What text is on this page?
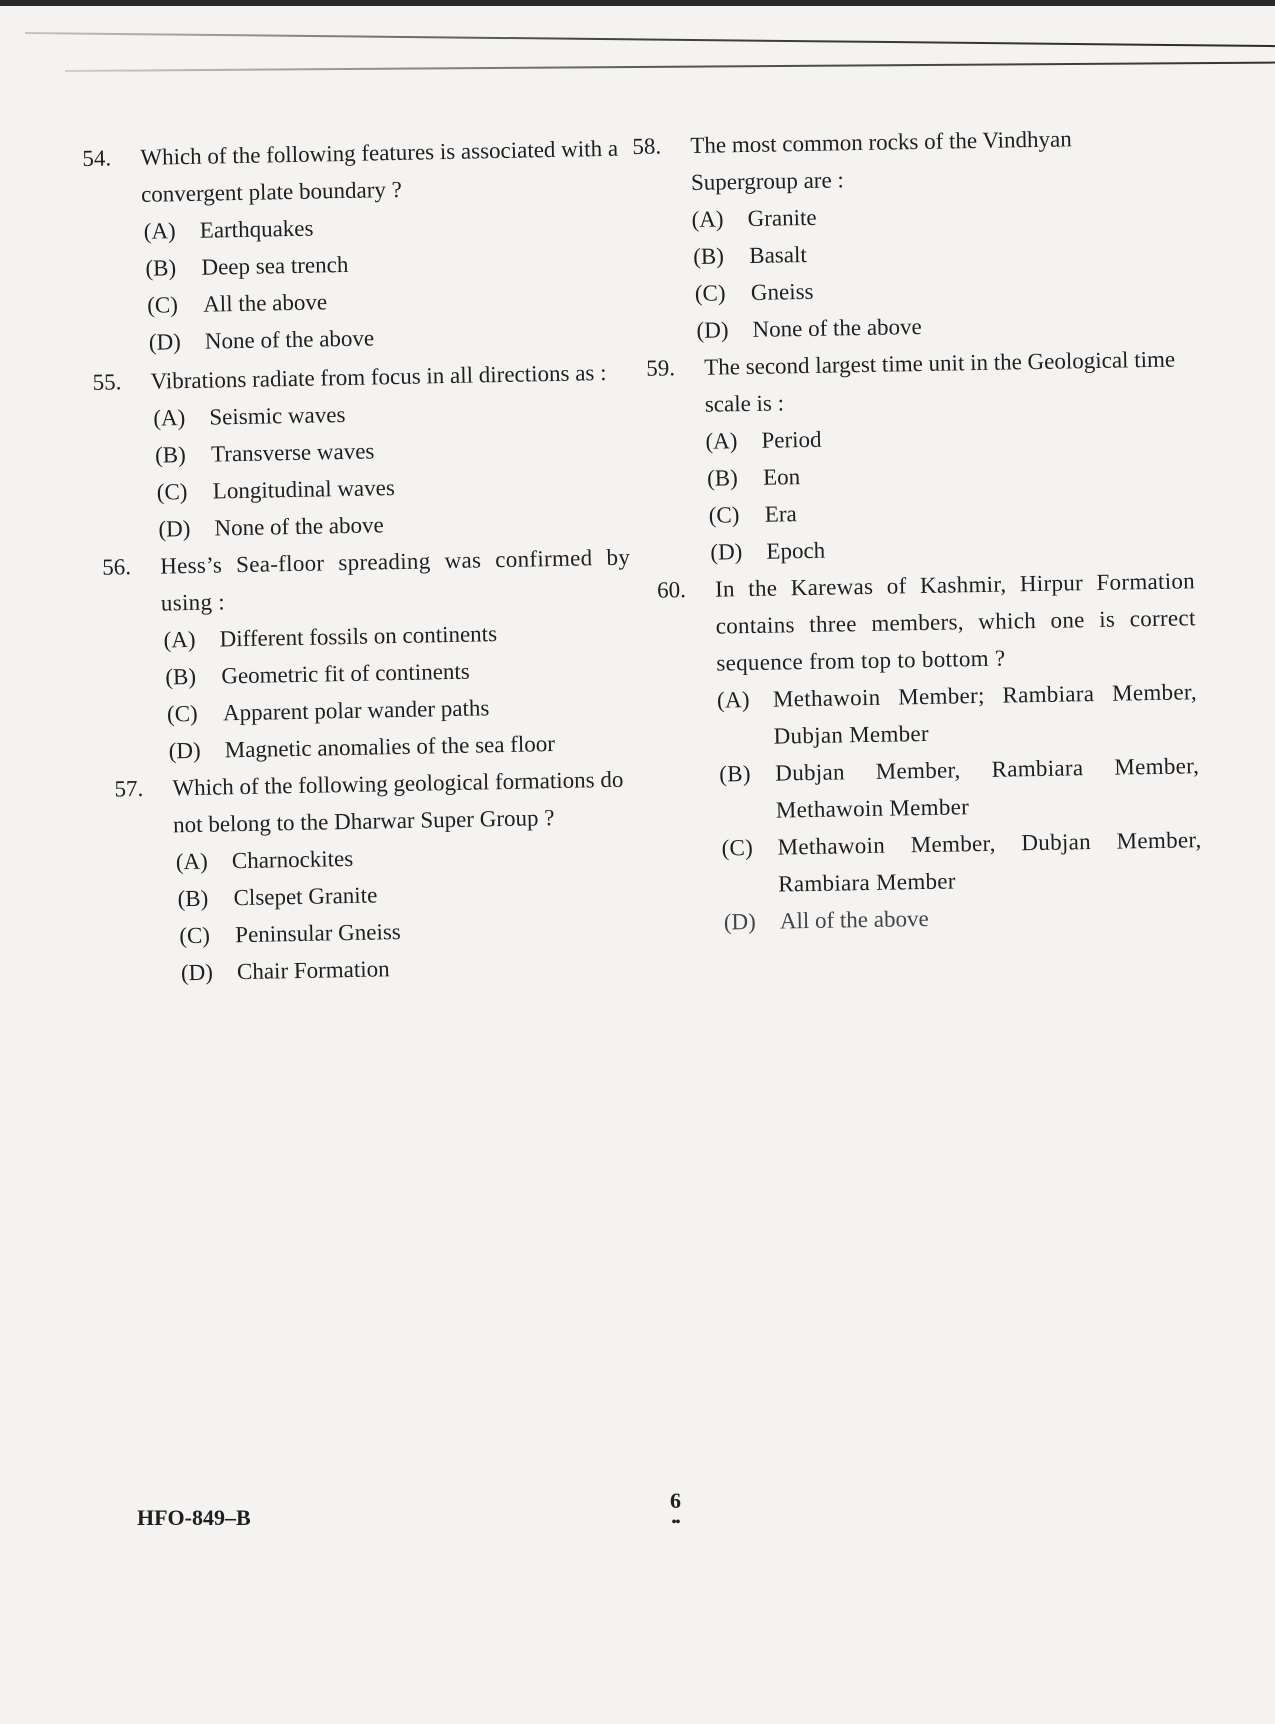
54.	Which of the following features is associated with a convergent plate boundary ?
(A) Earthquakes
(B) Deep sea trench
(C) All the above
(D) None of the above
55.	Vibrations radiate from focus in all directions as :
(A) Seismic waves
(B) Transverse waves
(C) Longitudinal waves
(D) None of the above
56.	Hess’s Sea-floor spreading was confirmed by using :
(A) Different fossils on continents
(B) Geometric fit of continents
(C) Apparent polar wander paths
(D) Magnetic anomalies of the sea floor
57.	Which of the following geological formations do not belong to the Dharwar Super Group ?
(A) Charnockites
(B) Clsepet Granite
(C) Peninsular Gneiss
(D) Chair Formation
58.	The most common rocks of the Vindhyan Supergroup are :
(A) Granite
(B) Basalt
(C) Gneiss
(D) None of the above
59.	The second largest time unit in the Geological time scale is :
(A) Period
(B) Eon
(C) Era
(D) Epoch
60.	In the Karewas of Kashmir, Hirpur Formation contains three members, which one is correct sequence from top to bottom ?
(A) Methawoin Member; Rambiara Member, Dubjan Member
(B) Dubjan Member, Rambiara Member, Methawoin Member
(C) Methawoin Member, Dubjan Member, Rambiara Member
(D) All of the above
HFO-849–B
6
••
